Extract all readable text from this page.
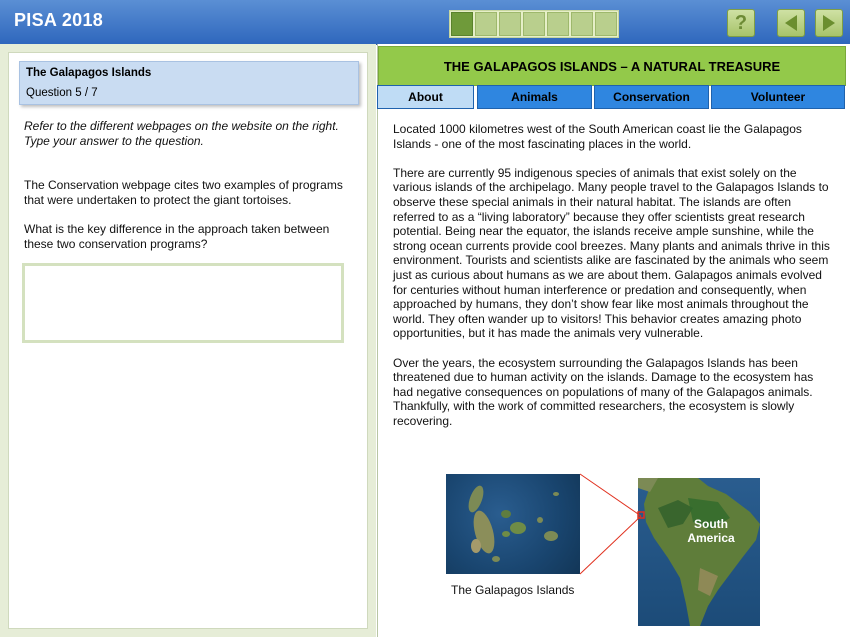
PISA 2018	?
The Galapagos Islands
Question 5 / 7
Refer to the different webpages on the website on the right. Type your answer to the question.
The Conservation webpage cites two examples of programs that were undertaken to protect the giant tortoises.
What is the key difference in the approach taken between these two conservation programs?
THE GALAPAGOS ISLANDS – A NATURAL TREASURE
About	Animals	Conservation	Volunteer

Located 1000 kilometres west of the South American coast lie the Galapagos Islands - one of the most fascinating places in the world.

There are currently 95 indigenous species of animals that exist solely on the various islands of the archipelago. Many people travel to the Galapagos Islands to observe these special animals in their natural habitat. The islands are often referred to as a “living laboratory” because they offer scientists great research potential. Being near the equator, the islands receive ample sunshine, while the strong ocean currents provide cool breezes. Many plants and animals thrive in this environment. Tourists and scientists alike are fascinated by the animals who seem just as curious about humans as we are about them. Galapagos animals evolved for centuries without human interference or predation and consequently, when approached by humans, they don’t show fear like most animals throughout the world. They often wander up to visitors! This behavior creates amazing photo opportunities, but it has made the animals very vulnerable.

Over the years, the ecosystem surrounding the Galapagos Islands has been threatened due to human activity on the islands. Damage to the ecosystem has had negative consequences on populations of many of the Galapagos animals. Thankfully, with the work of committed researchers, the ecosystem is slowly recovering.

The Galapagos Islands
South America
